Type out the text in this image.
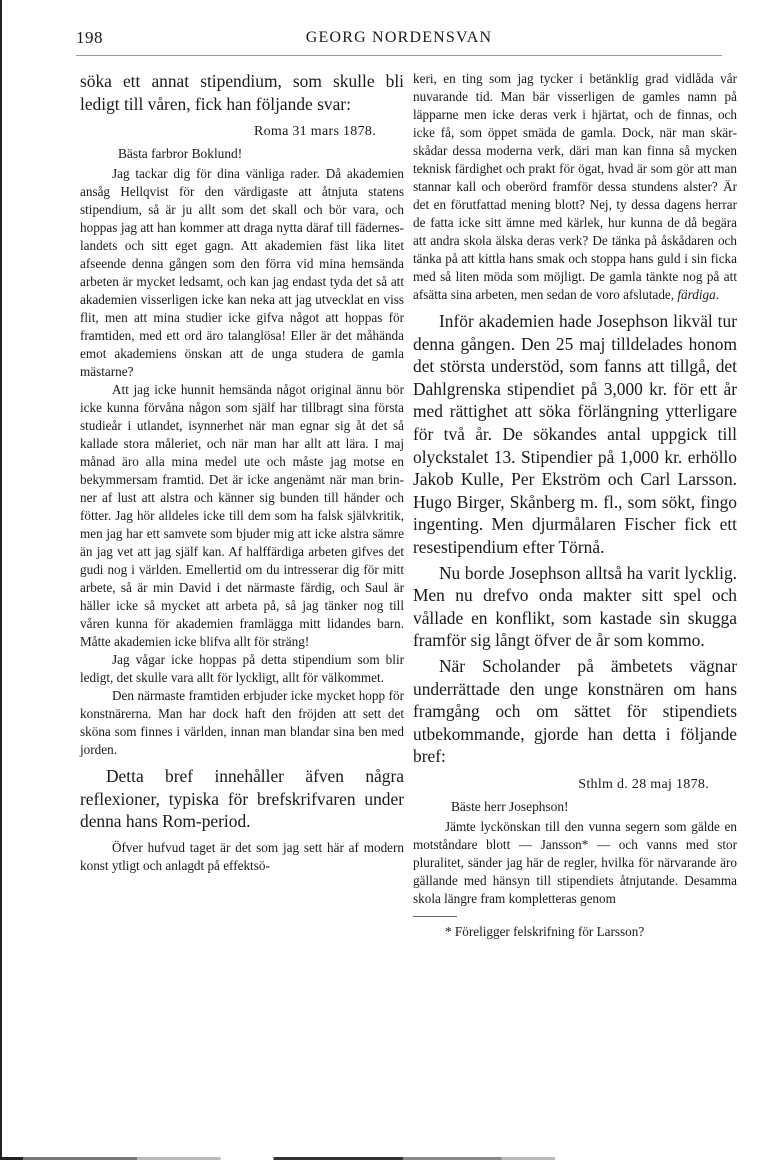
198	GEORG NORDENSVAN

söka ett annat stipendium, som skulle bli ledigt till våren, fick han följande svar:

Roma 31 mars 1878.
Bästa farbror Boklund!

Jag tackar dig för dina vänliga rader. Då akademien ansåg Hellqvist för den värdigaste att åtnjuta statens stipendium, så är ju allt som det skall och bör vara, och hoppas jag att han kommer att draga nytta däraf till fäderneslandets och sitt eget gagn. Att akademien fäst lika litet afseende denna gången som den förra vid mina hemsända arbeten är mycket ledsamt, och kan jag endast tyda det så att akademien visserligen icke kan neka att jag utvecklat en viss flit, men att mina studier icke gifva något att hoppas för framtiden, med ett ord äro talanglösa! Eller är det måhända emot akademiens önskan att de unga studera de gamla mästarne?

Att jag icke hunnit hemsända något original ännu bör icke kunna förvåna någon som själf har tillbragt sina första studieår i utlandet, isynnerhet när man egnar sig åt det så kallade stora måleriet, och när man har allt att lära. I maj månad äro alla mina medel ute och måste jag motse en bekymmersam framtid. Det är icke angenämt när man brinner af lust att alstra och känner sig bunden till händer och fötter. Jag hör alldeles icke till dem som ha falsk självkritik, men jag har ett samvete som bjuder mig att icke alstra sämre än jag vet att jag själf kan. Af halffärdiga arbeten gifves det gudi nog i världen. Emellertid om du intresserar dig för mitt arbete, så är min David i det närmaste färdig, och Saul är häller icke så mycket att arbeta på, så jag tänker nog till våren kunna för akademien framlägga mitt lidandes barn. Måtte akademien icke blifva allt för sträng!

Jag vågar icke hoppas på detta stipendium som blir ledigt, det skulle vara allt för lyckligt, allt för välkommet.

Den närmaste framtiden erbjuder icke mycket hopp för konstnärerna. Man har dock haft den fröjden att sett det sköna som finnes i världen, innan man blandar sina ben med jorden.

Detta bref innehåller äfven några reflexioner, typiska för brefskrifvaren under denna hans Rom-period.

Öfver hufvud taget är det som jag sett här af modern konst ytligt och anlagdt på effektsö-

keri, en ting som jag tycker i betänklig grad vidlåda vår nuvarande tid. Man bär visserligen de gamles namn på läpparne men icke deras verk i hjärtat, och de finnas, och icke få, som öppet smäda de gamla. Dock, när man skärskådar dessa moderna verk, däri man kan finna så mycken teknisk färdighet och prakt för ögat, hvad är som gör att man stannar kall och oberörd framför dessa stundens alster? Är det en förutfattad mening blott? Nej, ty dessa dagens herrar de fatta icke sitt ämne med kärlek, hur kunna de då begära att andra skola älska deras verk? De tänka på åskådaren och tänka på att kittla hans smak och stoppa hans guld i sin ficka med så liten möda som möjligt. De gamla tänkte nog på att afsätta sina arbeten, men sedan de voro afslutade, färdiga.

Inför akademien hade Josephson likväl tur denna gången. Den 25 maj tilldelades honom det största understöd, som fanns att tillgå, det Dahlgrenska stipendiet på 3,000 kr. för ett år med rättighet att söka förlängning ytterligare för två år. De sökandes antal uppgick till olyckstalet 13. Stipendier på 1,000 kr. erhöllo Jakob Kulle, Per Ekström och Carl Larsson. Hugo Birger, Skånberg m. fl., som sökt, fingo ingenting. Men djurmålaren Fischer fick ett resestipendium efter Törnå.

Nu borde Josephson alltså ha varit lycklig. Men nu drefvo onda makter sitt spel och vållade en konflikt, som kastade sin skugga framför sig långt öfver de år som kommo.

När Scholander på ämbetets vägnar underrättade den unge konstnären om hans framgång och om sättet för stipendiets utbekommande, gjorde han detta i följande bref:

Sthlm d. 28 maj 1878.
Bäste herr Josephson!

Jämte lyckönskan till den vunna segern som gälde en motståndare blott — Jansson* — och vanns med stor pluralitet, sänder jag här de regler, hvilka för närvarande äro gällande med hänsyn till stipendiets åtnjutande. Desamma skola längre fram kompletteras genom

* Föreligger felskrifning för Larsson?
